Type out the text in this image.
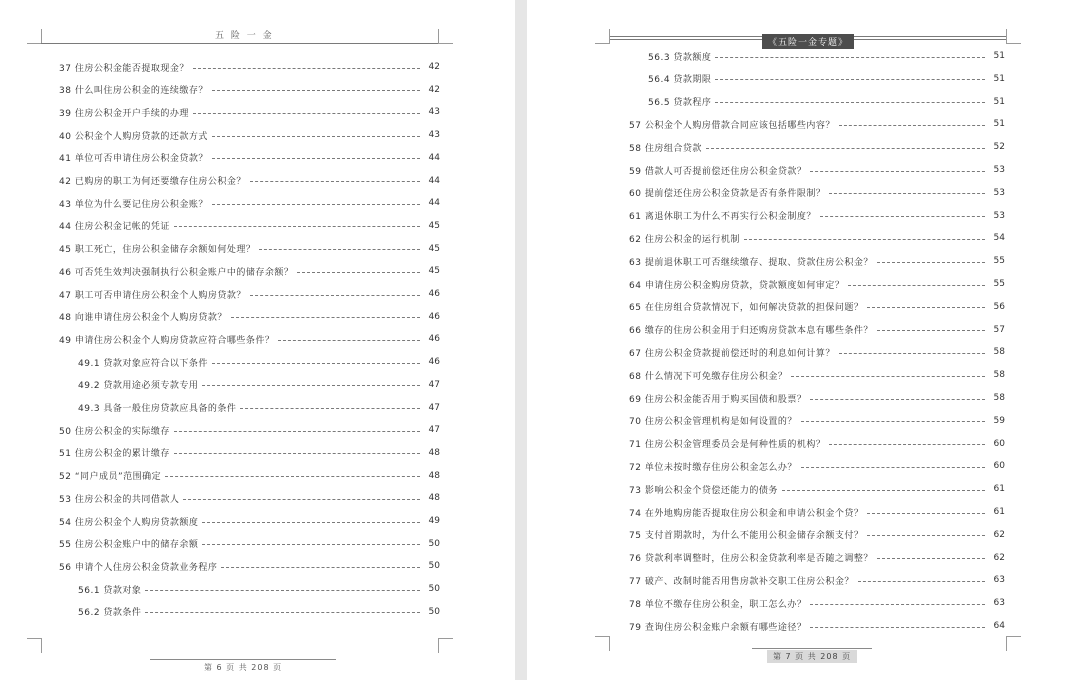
五 险 一 金
37 住房公积金能否提取现金？	42
38 什么叫住房公积金的连续缴存？	42
39 住房公积金开户手续的办理	43
40 公积金个人购房贷款的还款方式	43
41 单位可否申请住房公积金贷款？	44
42 已购房的职工为何还要缴存住房公积金？	44
43 单位为什么要记住房公积金账？	44
44 住房公积金记帐的凭证	45
45 职工死亡，住房公积金储存余额如何处理？	45
46 可否凭生效判决强制执行公积金账户中的储存余额？	45
47 职工可否申请住房公积金个人购房贷款？	46
48 向谁申请住房公积金个人购房贷款？	46
49 申请住房公积金个人购房贷款应符合哪些条件？	46
49.1 贷款对象应符合以下条件	46
49.2 贷款用途必须专款专用	47
49.3 具备一般住房贷款应具备的条件	47
50 住房公积金的实际缴存	47
51 住房公积金的累计缴存	48
52 “同户成员”范围确定	48
53 住房公积金的共同借款人	48
54 住房公积金个人购房贷款额度	49
55 住房公积金账户中的储存余额	50
56 申请个人住房公积金贷款业务程序	50
56.1 贷款对象	50
56.2 贷款条件	50
第 6 页 共 208 页
《五险一金专题》
56.3 贷款额度	51
56.4 贷款期限	51
56.5 贷款程序	51
57 公积金个人购房借款合同应该包括哪些内容？	51
58 住房组合贷款	52
59 借款人可否提前偿还住房公积金贷款？	53
60 提前偿还住房公积金贷款是否有条件限制？	53
61 离退休职工为什么不再实行公积金制度？	53
62 住房公积金的运行机制	54
63 提前退休职工可否继续缴存、提取、贷款住房公积金？	55
64 申请住房公积金购房贷款，贷款额度如何审定？	55
65 在住房组合贷款情况下，如何解决贷款的担保问题？	56
66 缴存的住房公积金用于归还购房贷款本息有哪些条件？	57
67 住房公积金贷款提前偿还时的利息如何计算？	58
68 什么情况下可免缴存住房公积金？	58
69 住房公积金能否用于购买国债和股票？	58
70 住房公积金管理机构是如何设置的？	59
71 住房公积金管理委员会是何种性质的机构？	60
72 单位未按时缴存住房公积金怎么办？	60
73 影响公积金个贷偿还能力的债务	61
74 在外地购房能否提取住房公积金和申请公积金个贷？	61
75 支付首期款时，为什么不能用公积金储存余额支付？	62
76 贷款利率调整时，住房公积金贷款利率是否随之调整？	62
77 破产、改制时能否用售房款补交职工住房公积金？	63
78 单位不缴存住房公积金，职工怎么办？	63
79 查询住房公积金账户余额有哪些途径？	64
第 7 页 共 208 页
